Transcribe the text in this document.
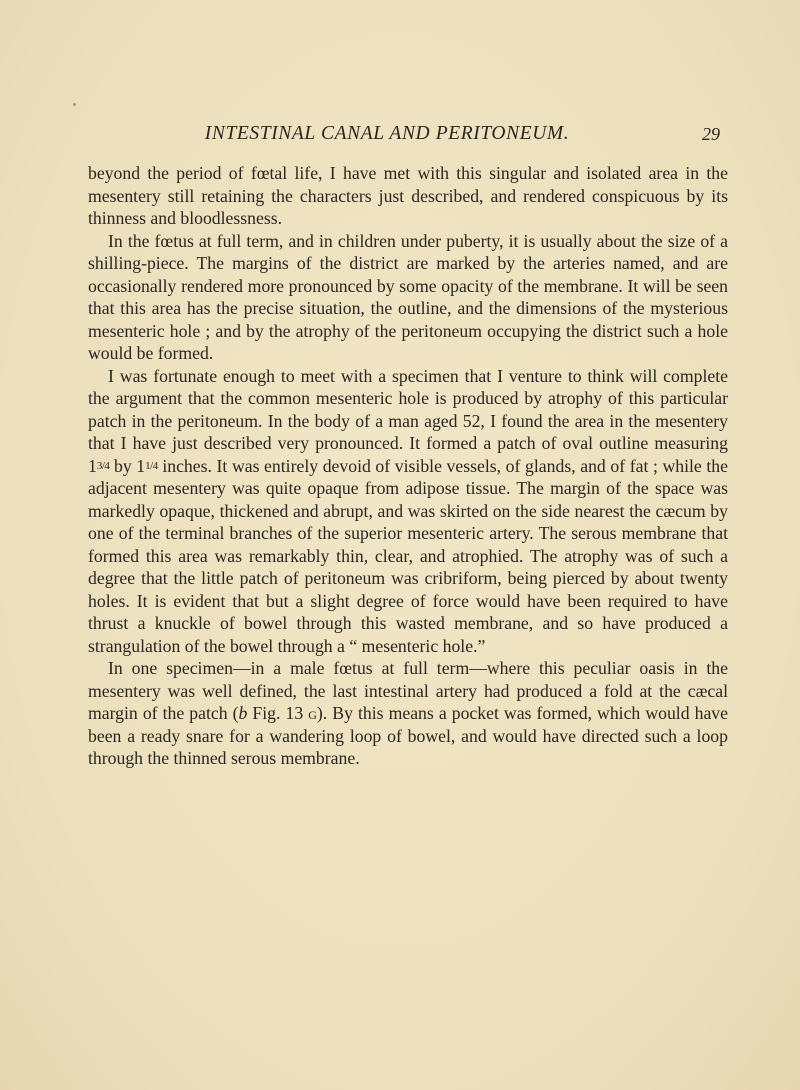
INTESTINAL CANAL AND PERITONEUM.	29

beyond the period of fœtal life, I have met with this singular and isolated area in the mesentery still retaining the characters just described, and rendered conspicuous by its thinness and bloodlessness.

In the fœtus at full term, and in children under puberty, it is usually about the size of a shilling-piece. The margins of the district are marked by the arteries named, and are occasionally rendered more pronounced by some opacity of the membrane. It will be seen that this area has the precise situation, the outline, and the dimensions of the mysterious mesenteric hole ; and by the atrophy of the peritoneum occupying the district such a hole would be formed.

I was fortunate enough to meet with a specimen that I venture to think will complete the argument that the common mesenteric hole is produced by atrophy of this particular patch in the peritoneum. In the body of a man aged 52, I found the area in the mesentery that I have just described very pronounced. It formed a patch of oval outline measuring 13/4 by 11/4 inches. It was entirely devoid of visible vessels, of glands, and of fat ; while the adjacent mesentery was quite opaque from adipose tissue. The margin of the space was markedly opaque, thickened and abrupt, and was skirted on the side nearest the cæcum by one of the terminal branches of the superior mesenteric artery. The serous membrane that formed this area was remarkably thin, clear, and atrophied. The atrophy was of such a degree that the little patch of peritoneum was cribriform, being pierced by about twenty holes. It is evident that but a slight degree of force would have been required to have thrust a knuckle of bowel through this wasted membrane, and so have produced a strangulation of the bowel through a “ mesenteric hole.”

In one specimen—in a male fœtus at full term—where this peculiar oasis in the mesentery was well defined, the last intestinal artery had produced a fold at the cæcal margin of the patch (b Fig. 13 g). By this means a pocket was formed, which would have been a ready snare for a wandering loop of bowel, and would have directed such a loop through the thinned serous membrane.
